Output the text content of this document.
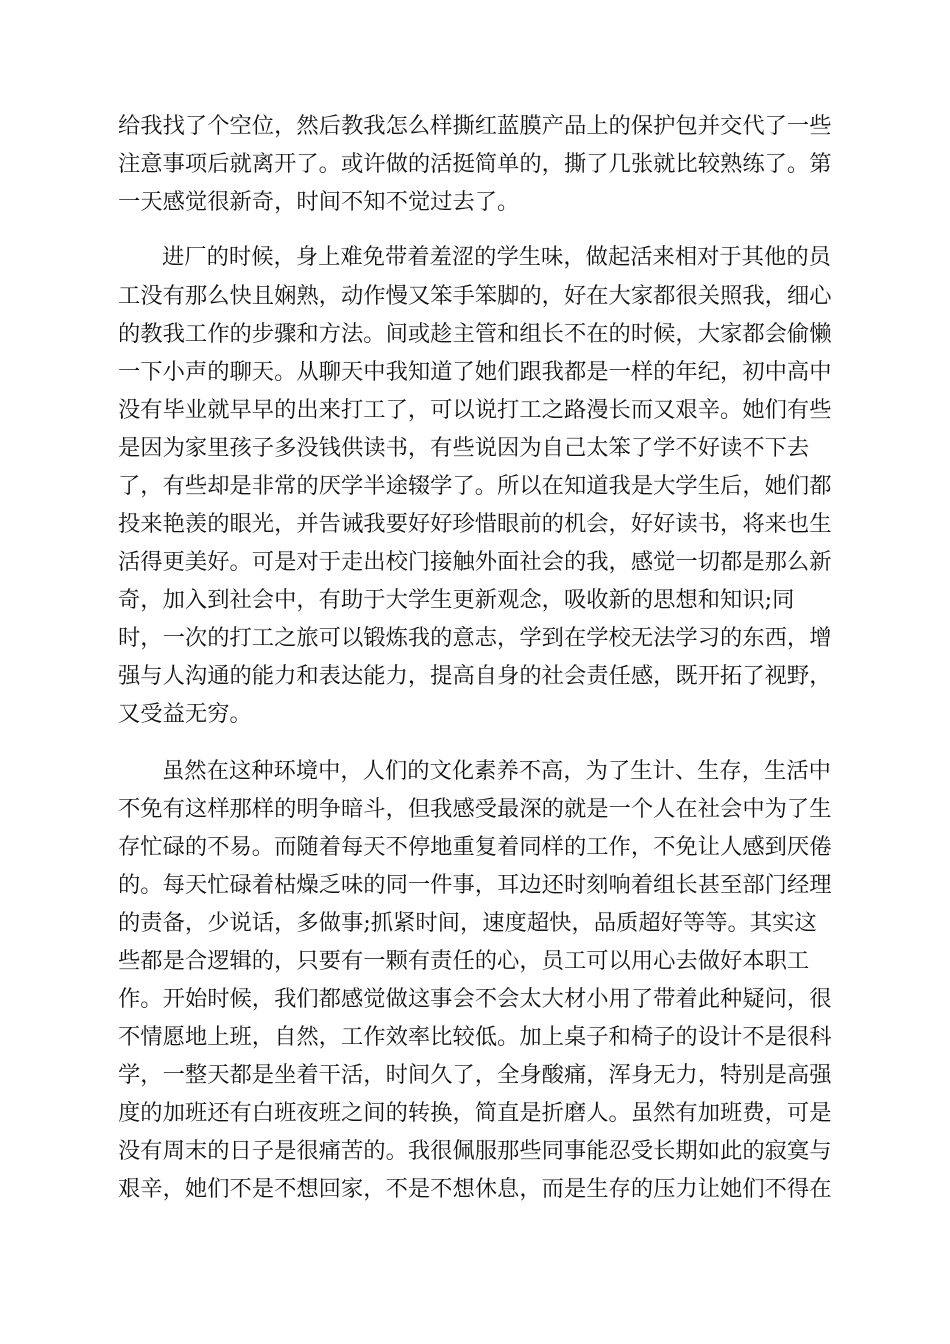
给我找了个空位，然后教我怎么样撕红蓝膜产品上的保护包并交代了一些
注意事项后就离开了。或许做的活挺简单的，撕了几张就比较熟练了。第
一天感觉很新奇，时间不知不觉过去了。
进厂的时候，身上难免带着羞涩的学生味，做起活来相对于其他的员
工没有那么快且娴熟，动作慢又笨手笨脚的，好在大家都很关照我，细心
的教我工作的步骤和方法。间或趁主管和组长不在的时候，大家都会偷懒
一下小声的聊天。从聊天中我知道了她们跟我都是一样的年纪，初中高中
没有毕业就早早的出来打工了，可以说打工之路漫长而又艰辛。她们有些
是因为家里孩子多没钱供读书，有些说因为自己太笨了学不好读不下去
了，有些却是非常的厌学半途辍学了。所以在知道我是大学生后，她们都
投来艳羡的眼光，并告诫我要好好珍惜眼前的机会，好好读书，将来也生
活得更美好。可是对于走出校门接触外面社会的我，感觉一切都是那么新
奇，加入到社会中，有助于大学生更新观念，吸收新的思想和知识;同
时，一次的打工之旅可以锻炼我的意志，学到在学校无法学习的东西，增
强与人沟通的能力和表达能力，提高自身的社会责任感，既开拓了视野，
又受益无穷。
虽然在这种环境中，人们的文化素养不高，为了生计、生存，生活中
不免有这样那样的明争暗斗，但我感受最深的就是一个人在社会中为了生
存忙碌的不易。而随着每天不停地重复着同样的工作，不免让人感到厌倦
的。每天忙碌着枯燥乏味的同一件事，耳边还时刻响着组长甚至部门经理
的责备，少说话，多做事;抓紧时间，速度超快，品质超好等等。其实这
些都是合逻辑的，只要有一颗有责任的心，员工可以用心去做好本职工
作。开始时候，我们都感觉做这事会不会太大材小用了带着此种疑问，很
不情愿地上班，自然，工作效率比较低。加上桌子和椅子的设计不是很科
学，一整天都是坐着干活，时间久了，全身酸痛，浑身无力，特别是高强
度的加班还有白班夜班之间的转换，简直是折磨人。虽然有加班费，可是
没有周末的日子是很痛苦的。我很佩服那些同事能忍受长期如此的寂寞与
艰辛，她们不是不想回家，不是不想休息，而是生存的压力让她们不得在
